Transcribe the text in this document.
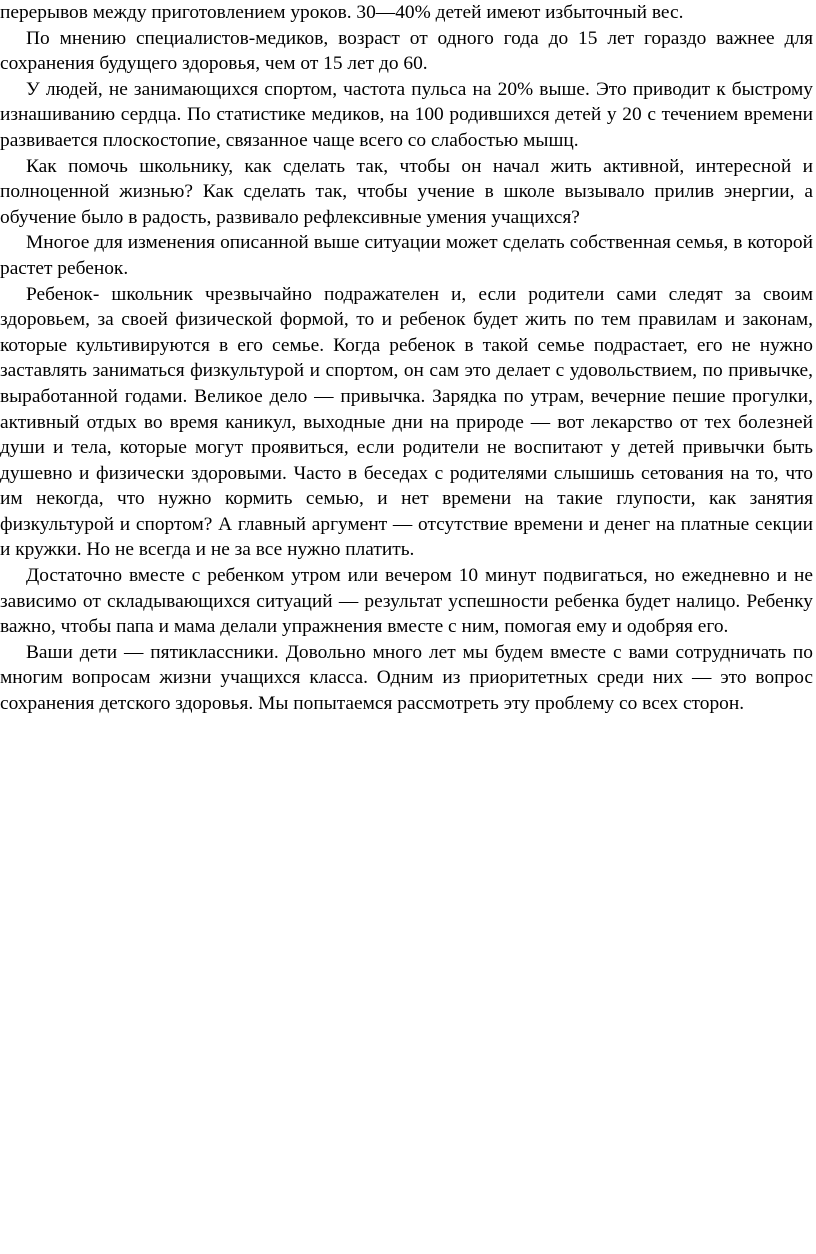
перерывов между приготовлением уроков. 30—40% детей имеют избыточный вес.

По мнению специалистов-медиков, возраст от одного года до 15 лет гораздо важнее для сохранения будущего здоровья, чем от 15 лет до 60.

У людей, не занимающихся спортом, частота пульса на 20% выше. Это приводит к быстрому изнашиванию сердца. По статистике медиков, на 100 родившихся детей у 20 с течением времени развивается плоскостопие, связанное чаще всего со слабостью мышц.

Как помочь школьнику, как сделать так, чтобы он начал жить активной, интересной и полноценной жизнью? Как сделать так, чтобы учение в школе вызывало прилив энергии, а обучение было в радость, развивало рефлексивные умения учащихся?

Многое для изменения описанной выше ситуации может сделать собственная семья, в которой растет ребенок.

Ребенок- школьник чрезвычайно подражателен и, если родители сами следят за своим здоровьем, за своей физической формой, то и ребенок будет жить по тем правилам и законам, которые культивируются в его семье. Когда ребенок в такой семье подрастает, его не нужно заставлять заниматься физкультурой и спортом, он сам это делает с удовольствием, по привычке, выработанной годами. Великое дело — привычка. Зарядка по утрам, вечерние пешие прогулки, активный отдых во время каникул, выходные дни на природе — вот лекарство от тех болезней души и тела, которые могут проявиться, если родители не воспитают у детей привычки быть душевно и физически здоровыми. Часто в беседах с родителями слышишь сетования на то, что им некогда, что нужно кормить семью, и нет времени на такие глупости, как занятия физкультурой и спортом? А главный аргумент — отсутствие времени и денег на платные секции и кружки. Но не всегда и не за все нужно платить.

Достаточно вместе с ребенком утром или вечером 10 минут подвигаться, но ежедневно и не зависимо от складывающихся ситуаций — результат успешности ребенка будет налицо. Ребенку важно, чтобы папа и мама делали упражнения вместе с ним, помогая ему и одобряя его.

Ваши дети — пятиклассники. Довольно много лет мы будем вместе с вами сотрудничать по многим вопросам жизни учащихся класса. Одним из приоритетных среди них — это вопрос сохранения детского здоровья. Мы попытаемся рассмотреть эту проблему со всех сторон.
